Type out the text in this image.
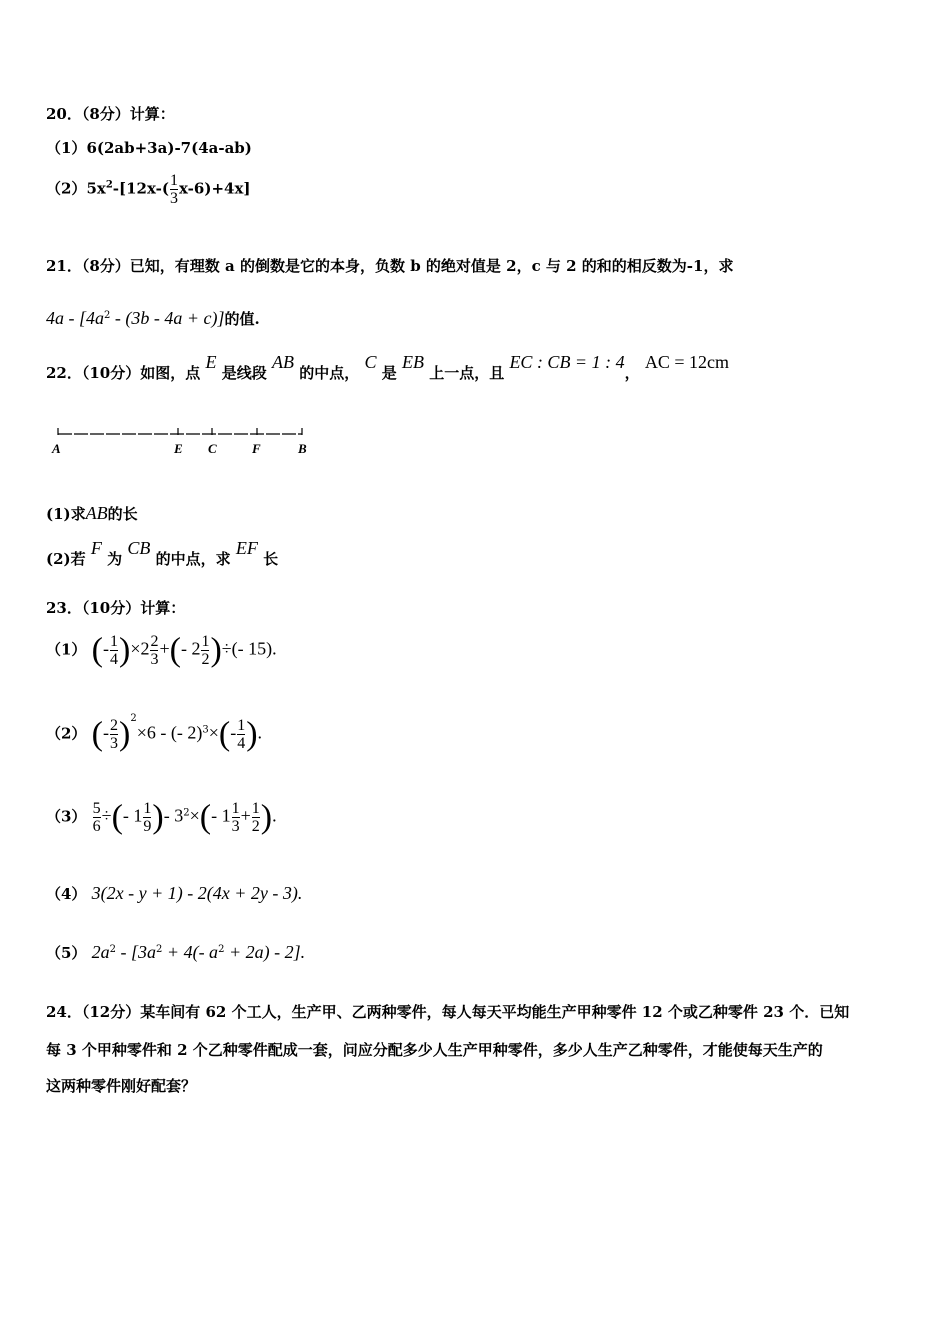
20．（8分）计算：
（1）6(2ab+3a)-7(4a-ab)
$(2)5x^2-[12x-( \frac{1}{3} x-6)+4x]$
21．（8分）已知，有理数 a 的倒数是它的本身，负数 b 的绝对值是 2，c 与 2 的和的相反数为-1，求
$4a - [4a^2 - (3b - 4a + c)]$的值.
22．（10分）如图，点 E 是线段 AB 的中点， C 是 EB 上一点，且 EC : CB = 1 : 4， AC = 12cm
A	E C	F	B
(1)求AB的长
(2)若 F 为 CB 的中点，求 EF 长
23．（10分）计算：
（1） (- $\frac{1}{4} )\times 2 \frac{2}{3}$ +(- $2 \frac{1}{2}$ )÷(- 15).
（2） (- $\frac{2}{3} )^2\times 6$ - (- $2)^3\times(- \frac{1}{4}$ ).
$(3) \frac{5}{6}$ ÷(- $1 \frac{1}{9}$ )- $3^2\times(-$ $1 \frac{1}{3} + \frac{1}{2}$ ).
（4） 3(2x - y + 1) - 2(4x + 2y - 3).
（5） $2a^2 - [3a^2 + 4(-$ $a^2 + 2a) - 2$].
24．（12分）某车间有 62 个工人，生产甲、乙两种零件，每人每天平均能生产甲种零件 12 个或乙种零件 23 个．已知
每 3 个甲种零件和 2 个乙种零件配成一套，问应分配多少人生产甲种零件，多少人生产乙种零件，才能使每天生产的
这两种零件刚好配套？
